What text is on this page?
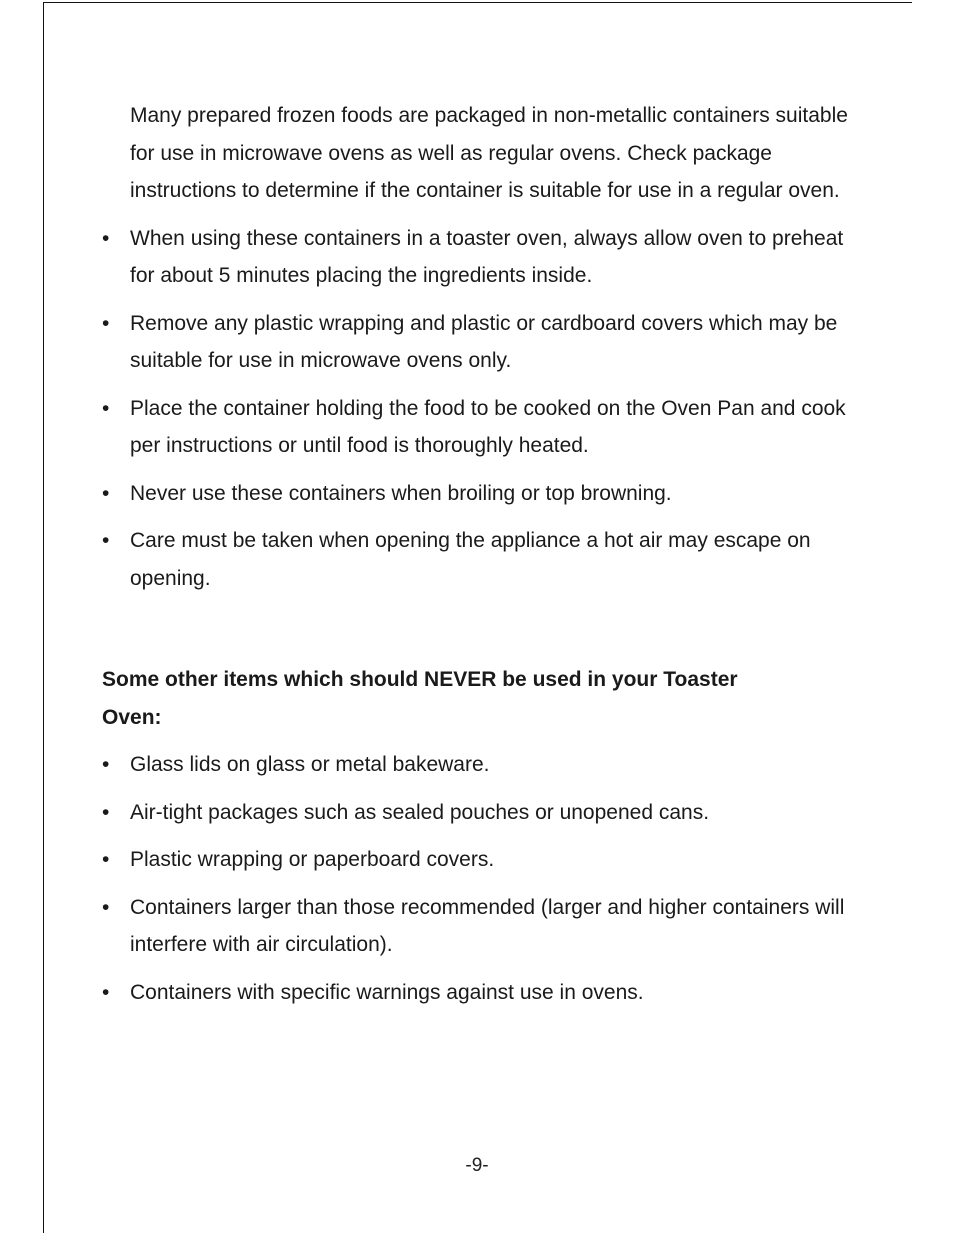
Many prepared frozen foods are packaged in non-metallic containers suitable for use in microwave ovens as well as regular ovens. Check package instructions to determine if the container is suitable for use in a regular oven.

• When using these containers in a toaster oven, always allow oven to preheat for about 5 minutes placing the ingredients inside.
• Remove any plastic wrapping and plastic or cardboard covers which may be suitable for use in microwave ovens only.
• Place the container holding the food to be cooked on the Oven Pan and cook per instructions or until food is thoroughly heated.
• Never use these containers when broiling or top browning.
• Care must be taken when opening the appliance a hot air may escape on opening.
Some other items which should NEVER be used in your Toaster Oven:
• Glass lids on glass or metal bakeware.
• Air-tight packages such as sealed pouches or unopened cans.
• Plastic wrapping or paperboard covers.
• Containers larger than those recommended (larger and higher containers will interfere with air circulation).
• Containers with specific warnings against use in ovens.
-9-
